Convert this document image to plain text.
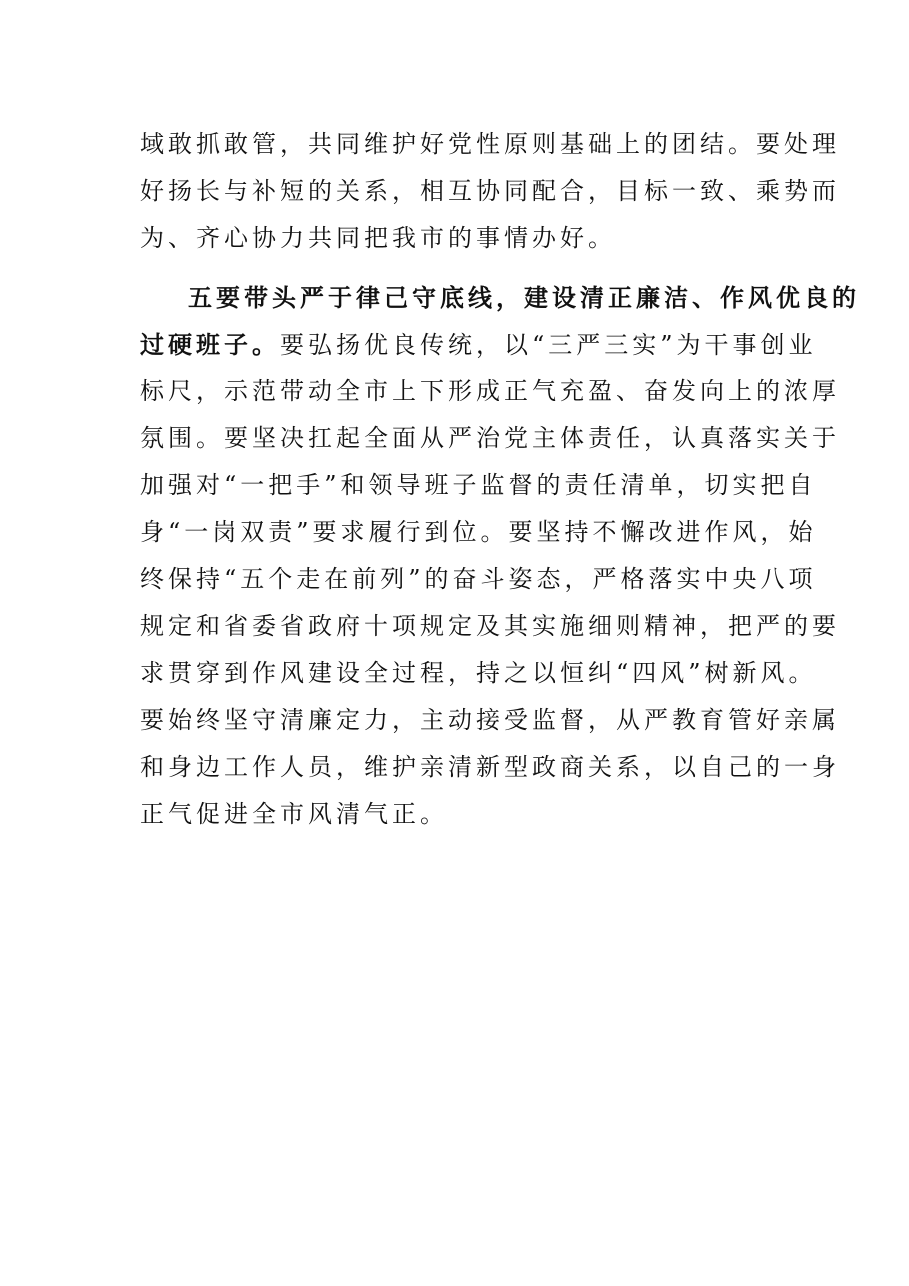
域敢抓敢管，共同维护好党性原则基础上的团结。要处理
好扬长与补短的关系，相互协同配合，目标一致、乘势而
为、齐心协力共同把我市的事情办好。
五要带头严于律己守底线，建设清正廉洁、作风优良的
过硬班子。要弘扬优良传统，以“三严三实”为干事创业
标尺，示范带动全市上下形成正气充盈、奋发向上的浓厚
氛围。要坚决扛起全面从严治党主体责任，认真落实关于
加强对“一把手”和领导班子监督的责任清单，切实把自
身“一岗双责”要求履行到位。要坚持不懈改进作风，始
终保持“五个走在前列”的奋斗姿态，严格落实中央八项
规定和省委省政府十项规定及其实施细则精神，把严的要
求贯穿到作风建设全过程，持之以恒纠“四风”树新风。
要始终坚守清廉定力，主动接受监督，从严教育管好亲属
和身边工作人员，维护亲清新型政商关系，以自己的一身
正气促进全市风清气正。
